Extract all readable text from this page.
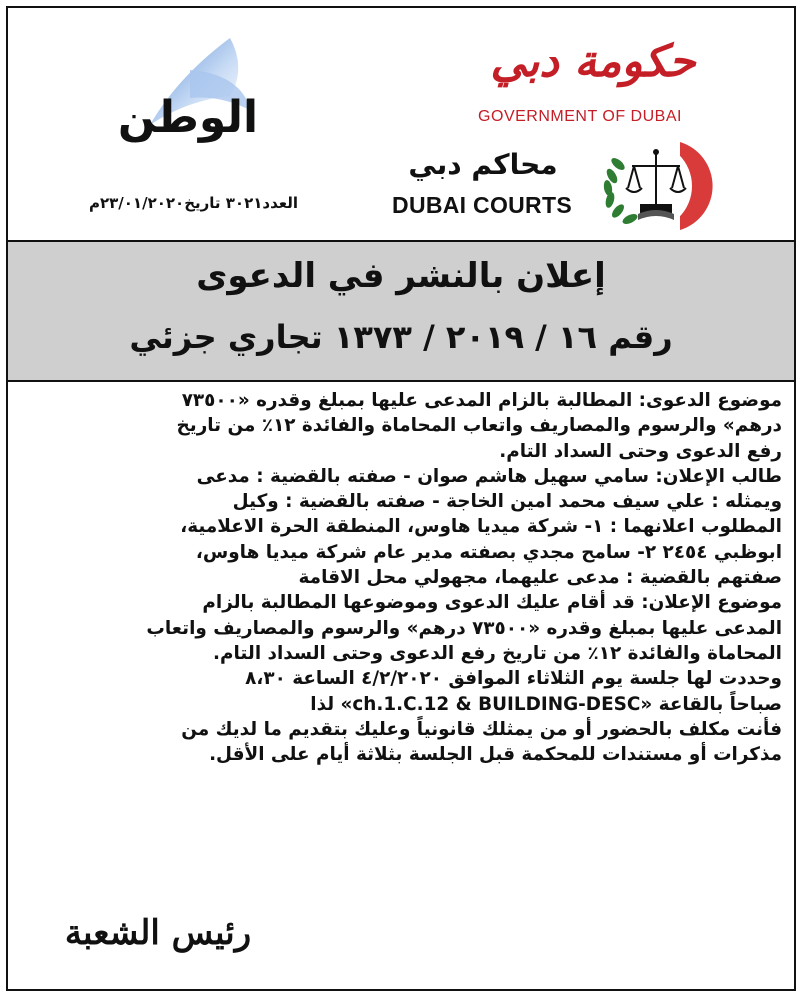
الوطن
العدد٣٠٢١ تاريخ٢٣/٠١/٢٠٢٠م
حكومة دبي
GOVERNMENT OF DUBAI
محاكم دبي
DUBAI COURTS
إعلان بالنشر في الدعوى
رقم ١٦ / ٢٠١٩ / ١٣٧٣ تجاري جزئي

موضوع الدعوى: المطالبة بالزام المدعى عليها بمبلغ وقدره «٧٣٥٠٠

درهم» والرسوم والمصاريف واتعاب المحاماة والفائدة ١٢٪ من تاريخ

رفع الدعوى وحتى السداد التام.

طالب الإعلان: سامي سهيل هاشم صوان - صفته بالقضية : مدعى

ويمثله : علي سيف محمد امين الخاجة - صفته بالقضية : وكيل

المطلوب اعلانهما : ١- شركة ميديا هاوس، المنطقة الحرة الاعلامية،

ابوظبي ٢٤٥٤ ٢- سامح مجدي بصفته مدير عام شركة ميديا هاوس،

صفتهم بالقضية : مدعى عليهما، مجهولي محل الاقامة

موضوع الإعلان: قد أقام عليك الدعوى وموضوعها المطالبة بالزام

المدعى عليها بمبلغ وقدره «٧٣٥٠٠ درهم» والرسوم والمصاريف واتعاب

المحاماة والفائدة ١٢٪ من تاريخ رفع الدعوى وحتى السداد التام.

وحددت لها جلسة يوم الثلاثاء الموافق ٤/٢/٢٠٢٠ الساعة ٨،٣٠

صباحاً بالقاعة «ch.1.C.12 & BUILDING-DESC» لذا

فأنت مكلف بالحضور أو من يمثلك قانونياً وعليك بتقديم ما لديك من

مذكرات أو مستندات للمحكمة قبل الجلسة بثلاثة أيام على الأقل.

رئيس الشعبة
